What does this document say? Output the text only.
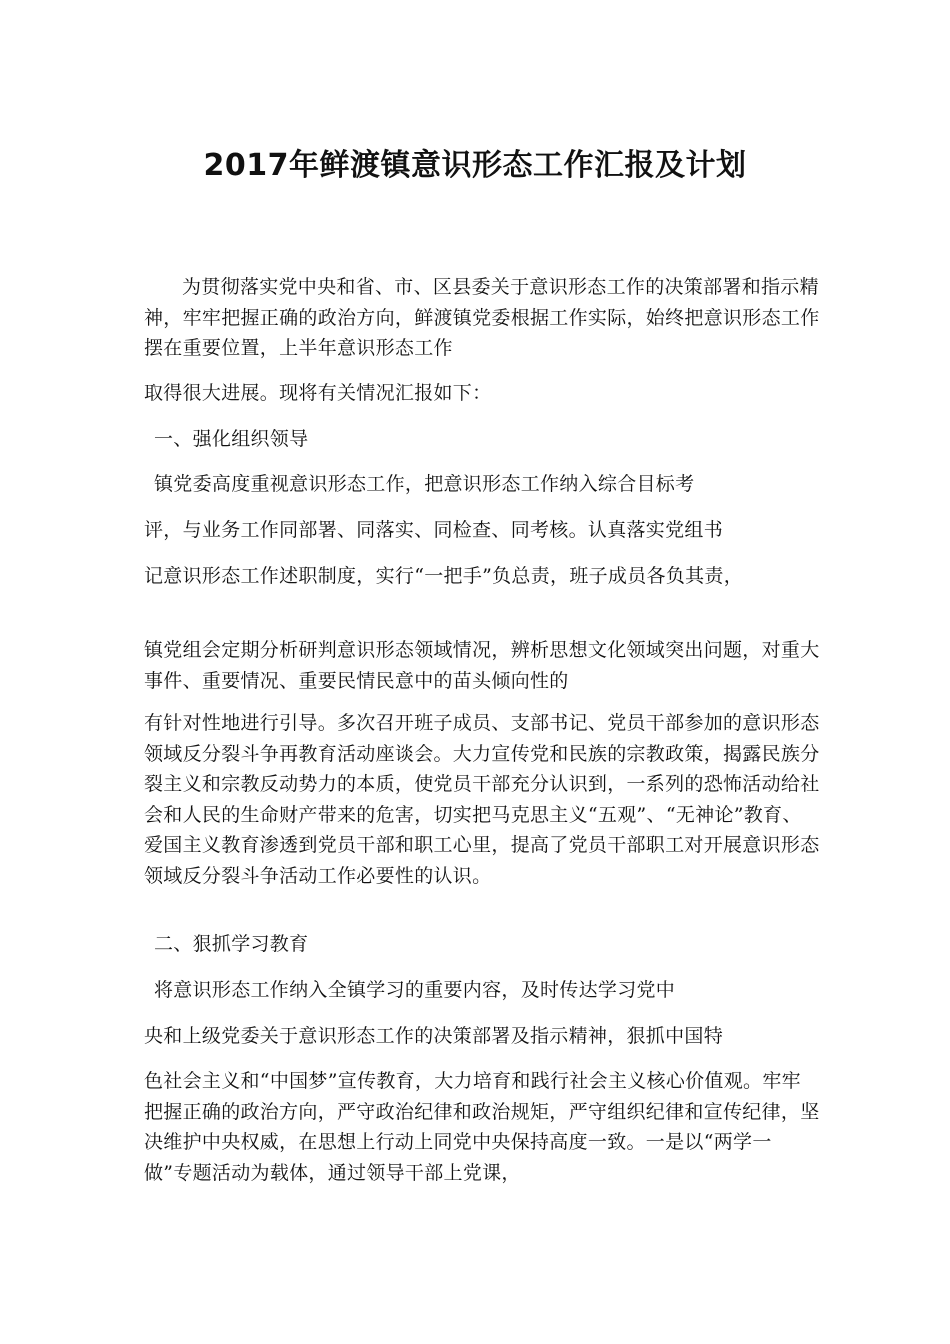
2017年鲜渡镇意识形态工作汇报及计划

为贯彻落实党中央和省、市、区县委关于意识形态工作的决策部署和指示精神，牢牢把握正确的政治方向，鲜渡镇党委根据工作实际，始终把意识形态工作摆在重要位置，上半年意识形态工作

取得很大进展。现将有关情况汇报如下：

一、强化组织领导

镇党委高度重视意识形态工作，把意识形态工作纳入综合目标考

评，与业务工作同部署、同落实、同检查、同考核。认真落实党组书

记意识形态工作述职制度，实行“一把手”负总责，班子成员各负其责，

镇党组会定期分析研判意识形态领域情况，辨析思想文化领域突出问题，对重大事件、重要情况、重要民情民意中的苗头倾向性的

有针对性地进行引导。多次召开班子成员、支部书记、党员干部参加的意识形态领域反分裂斗争再教育活动座谈会。大力宣传党和民族的宗教政策，揭露民族分裂主义和宗教反动势力的本质，使党员干部充分认识到，一系列的恐怖活动给社会和人民的生命财产带来的危害，切实把马克思主义“五观”、“无神论”教育、爱国主义教育渗透到党员干部和职工心里，提高了党员干部职工对开展意识形态领域反分裂斗争活动工作必要性的认识。

二、狠抓学习教育

将意识形态工作纳入全镇学习的重要内容，及时传达学习党中

央和上级党委关于意识形态工作的决策部署及指示精神，狠抓中国特

色社会主义和“中国梦”宣传教育，大力培育和践行社会主义核心价值观。牢牢把握正确的政治方向，严守政治纪律和政治规矩，严守组织纪律和宣传纪律，坚决维护中央权威，在思想上行动上同党中央保持高度一致。一是以“两学一做”专题活动为载体，通过领导干部上党课，
